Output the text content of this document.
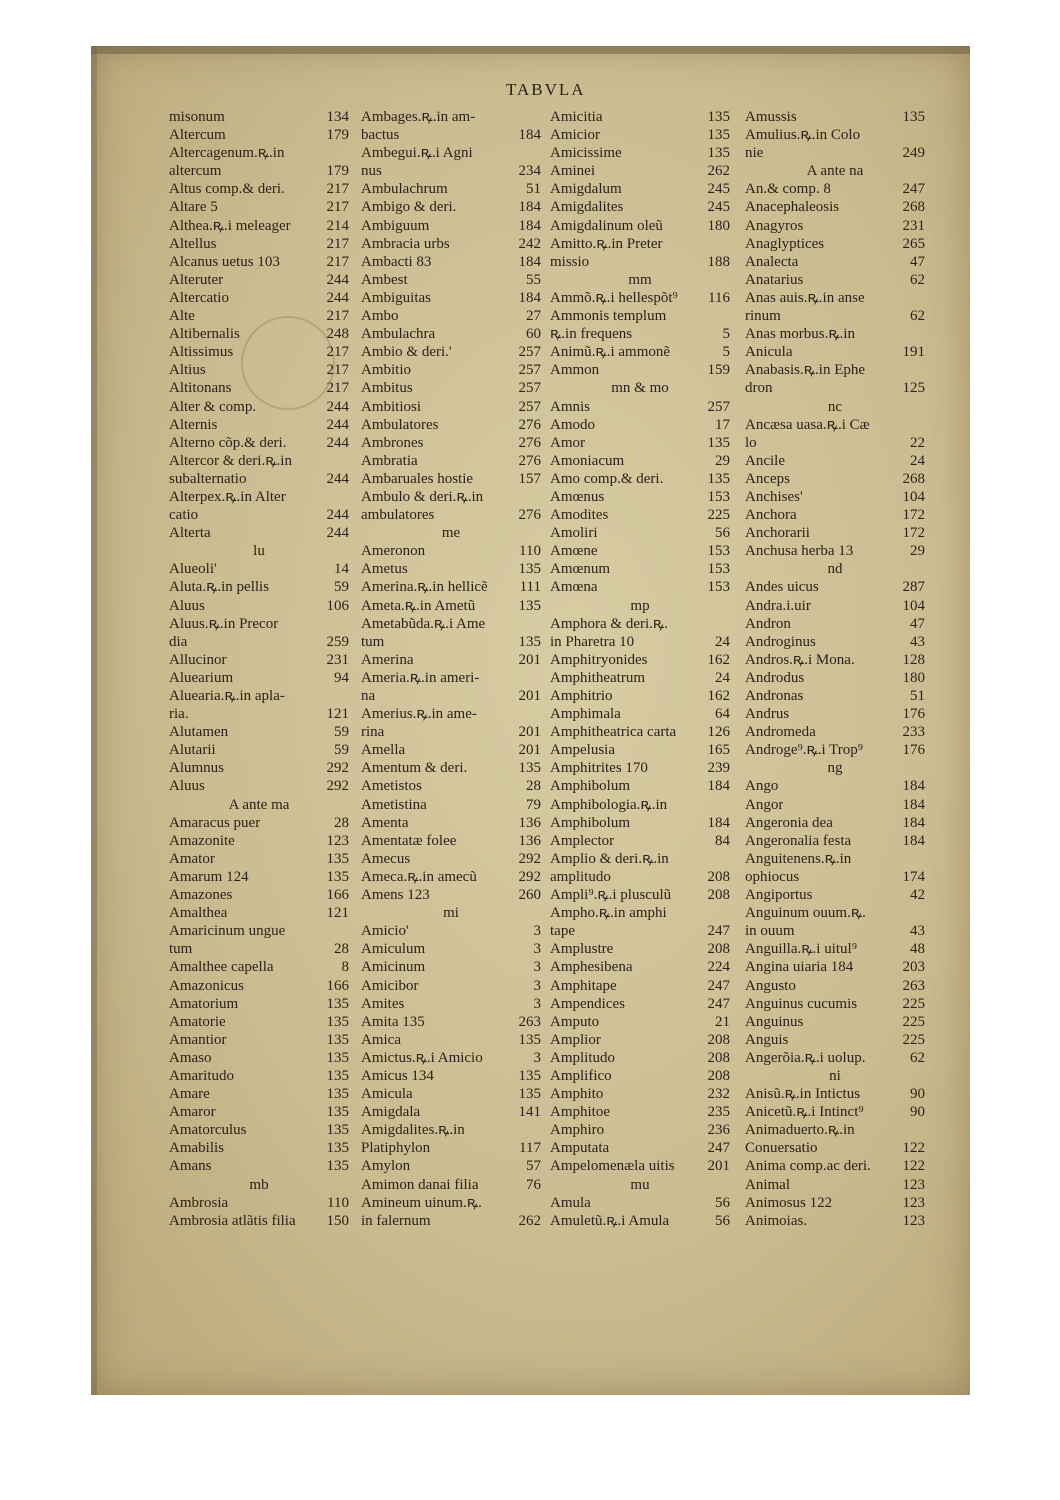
TABVLA
misonum	134
Altercum	179
Altercagenum.ꝶ.in
altercum	179
Altus comp.& deri.	217
Altare 5	217
Althea.ꝶ.i meleager 214
Altellus	217
Alcanus uetus 103	217
Alteruter	244
Altercatio	244
Alte	217
Altibernalis	248
Altissimus	217
Altius	217
Altitonans	217
Alter & comp.	244
Alternis	244
Alterno cõp.& deri.	244
Altercor & deri.ꝶ.in
subalternatio	244
Alterpex.ꝶ.in Alter
catio	244
Alterta	244
lu
Alueoli'	14
Aluta.ꝶ.in pellis	59
Aluus	106
Aluus.ꝶ.in Precor
dia	259
Allucinor	231
Aluearium	94
Aluearia.ꝶ.in apla-
ria.	121
Alutamen	59
Alutarii	59
Alumnus	292
Aluus	292
A ante ma
Amaracus puer	28
Amazonite	123
Amator	135
Amarum 124	135
Amazones	166
Amalthea	121
Amaricinum ungue
tum	28
Amalthee capella	8
Amazonicus	166
Amatorium	135
Amatorie	135
Amantior	135
Amaso	135
Amaritudo	135
Amare	135
Amaror	135
Amatorculus	135
Amabilis	135
Amans	135
mb
Ambrosia	110
Ambrosia atlãtis filia 150
Ambages.ꝶ.in am-
bactus	184
Ambegui.ꝶ.i Agni
nus	234
Ambulachrum	51
Ambigo & deri.	184
Ambiguum	184
Ambracia urbs	242
Ambacti 83	184
Ambest	55
Ambiguitas	184
Ambo	27
Ambulachra	60
Ambio & deri.'	257
Ambitio	257
Ambitus	257
Ambitiosi	257
Ambulatores	276
Ambrones	276
Ambratia	276
Ambaruales hostie	157
Ambulo & deri.ꝶ.in
ambulatores	276
me
Ameronon	110
Ametus	135
Amerina.ꝶ.in hellicẽ 111
Ameta.ꝶ.in Ametũ	135
Ametabũda.ꝶ.i Ame
tum	135
Amerina	201
Ameria.ꝶ.in ameri-
na	201
Amerius.ꝶ.in ame-
rina	201
Amella	201
Amentum & deri.	135
Ametistos	28
Ametistina	79
Amenta	136
Amentatæ folee	136
Amecus	292
Ameca.ꝶ.in amecũ	292
Amens 123	260
mi
Amicio'	3
Amiculum	3
Amicinum	3
Amicibor	3
Amites	3
Amita 135	263
Amica	135
Amictus.ꝶ.i Amicio	3
Amicus 134	135
Amicula	135
Amigdala	141
Amigdalites.ꝶ.in
Platiphylon	117
Amylon	57
Amimon danai filia	76
Amineum uinum.ꝶ.
in falernum	262
Amicitia	135
Amicior	135
Amicissime	135
Aminei	262
Amigdalum	245
Amigdalites	245
Amigdalinum oleũ	180
Amitto.ꝶ.in Preter
missio	188
mm
Ammõ.ꝶ.i hellespõt⁹ 116
Ammonis templum
ꝶ.in frequens	5
Animũ.ꝶ.i ammonẽ	5
Ammon	159
mn & mo
Amnis	257
Amodo	17
Amor	135
Amoniacum	29
Amo comp.& deri.	135
Amœnus	153
Amodites	225
Amoliri	56
Amœne	153
Amœnum	153
Amœna	153
mp
Amphora & deri.ꝶ.
in Pharetra 10	24
Amphitryonides	162
Amphitheatrum	24
Amphitrio	162
Amphimala	64
Amphitheatrica carta 126
Ampelusia	165
Amphitrites 170	239
Amphibolum	184
Amphibologia.ꝶ.in
Amphibolum	184
Amplector	84
Amplio & deri.ꝶ.in
amplitudo	208
Ampli⁹.ꝶ.i plusculũ 208
Ampho.ꝶ.in amphi
tape	247
Amplustre	208
Amphesibena	224
Amphitape	247
Ampendices	247
Amputo	21
Amplior	208
Amplitudo	208
Amplifico	208
Amphito	232
Amphitoe	235
Amphiro	236
Amputata	247
Ampelomenæla uitis 201
mu
Amula	56
Amuletũ.ꝶ.i Amula	56
Amussis	135
Amulius.ꝶ.in Colo
nie	249
A ante na
An.& comp. 8	247
Anacephaleosis	268
Anagyros	231
Anaglyptices	265
Analecta	47
Anatarius	62
Anas auis.ꝶ.in anse
rinum	62
Anas morbus.ꝶ.in
Anicula	191
Anabasis.ꝶ.in Ephe
dron	125
nc
Ancæsa uasa.ꝶ.i Cæ
lo	22
Ancile	24
Anceps	268
Anchises'	104
Anchora	172
Anchorarii	172
Anchusa herba 13	29
nd
Andes uicus	287
Andra.i.uir	104
Andron	47
Androginus	43
Andros.ꝶ.i Mona.	128
Androdus	180
Andronas	51
Andrus	176
Andromeda	233
Androge⁹.ꝶ.i Trop⁹	176
ng
Ango	184
Angor	184
Angeronia dea	184
Angeronalia festa	184
Anguitenens.ꝶ.in
ophiocus	174
Angiportus	42
Anguinum ouum.ꝶ.
in ouum	43
Anguilla.ꝶ.i uitul⁹	48
Angina uiaria 184	203
Angusto	263
Anguinus cucumis	225
Anguinus	225
Anguis	225
Angerõia.ꝶ.i uolup.	62
ni
Anisũ.ꝶ.in Intictus	90
Anicetũ.ꝶ.i Intinct⁹	90
Animaduerto.ꝶ.in
Conuersatio	122
Anima comp.ac deri. 122
Animal	123
Animosus 122	123
Animoias.	123
